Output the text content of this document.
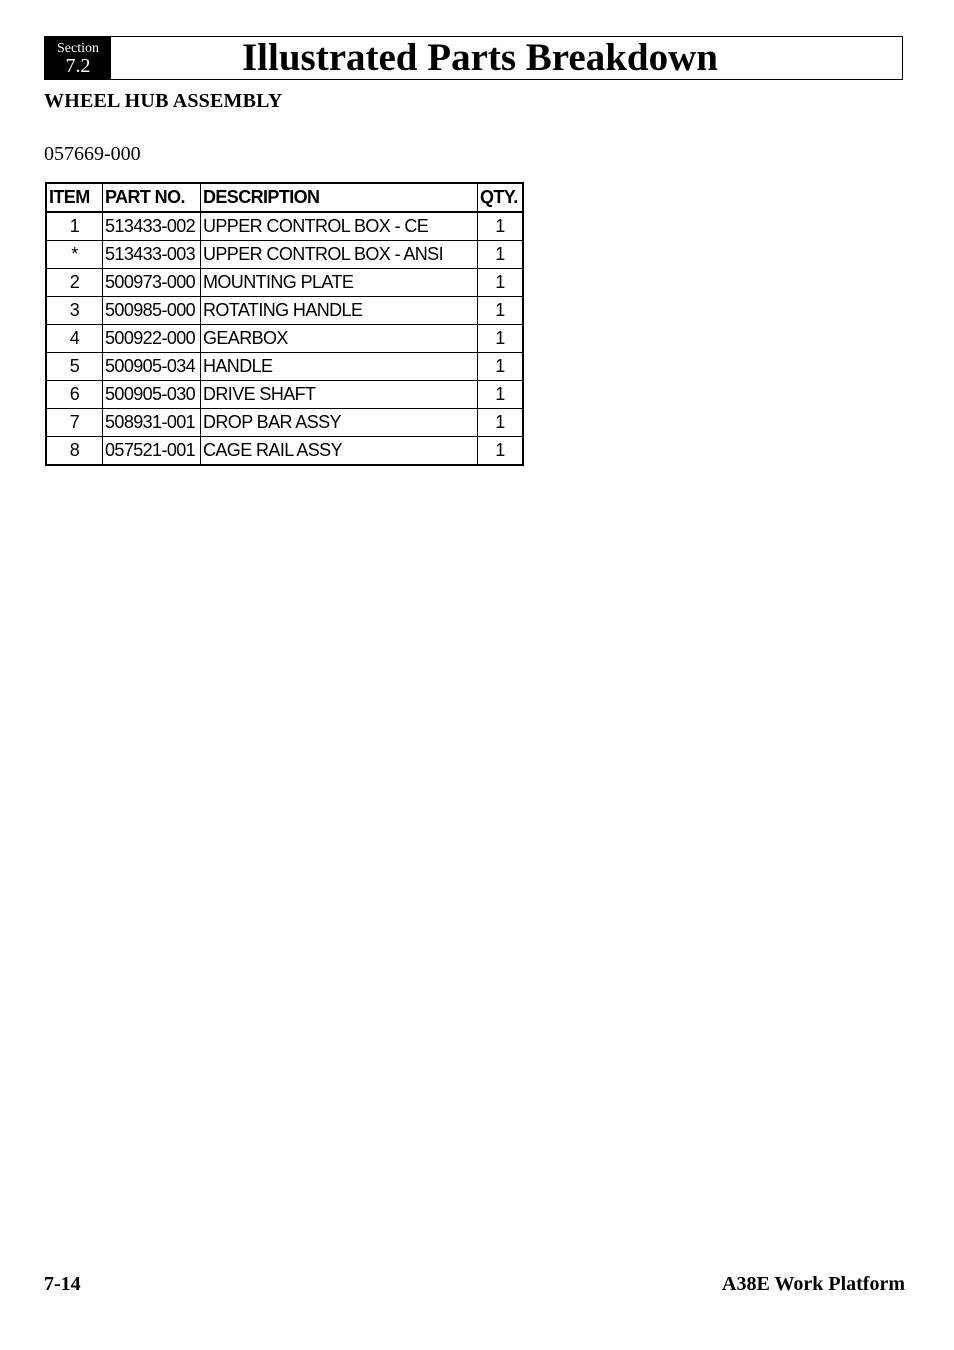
Section
7.2	Illustrated Parts Breakdown
WHEEL HUB ASSEMBLY
057669-000
ITEM	PART NO.	DESCRIPTION	QTY.
1	513433-002	UPPER CONTROL BOX - CE	1
*	513433-003	UPPER CONTROL BOX - ANSI	1
2	500973-000	MOUNTING PLATE	1
3	500985-000	ROTATING HANDLE	1
4	500922-000	GEARBOX	1
5	500905-034	HANDLE	1
6	500905-030	DRIVE SHAFT	1
7	508931-001	DROP BAR ASSY	1
8	057521-001	CAGE RAIL ASSY	1
7-14	A38E Work Platform
